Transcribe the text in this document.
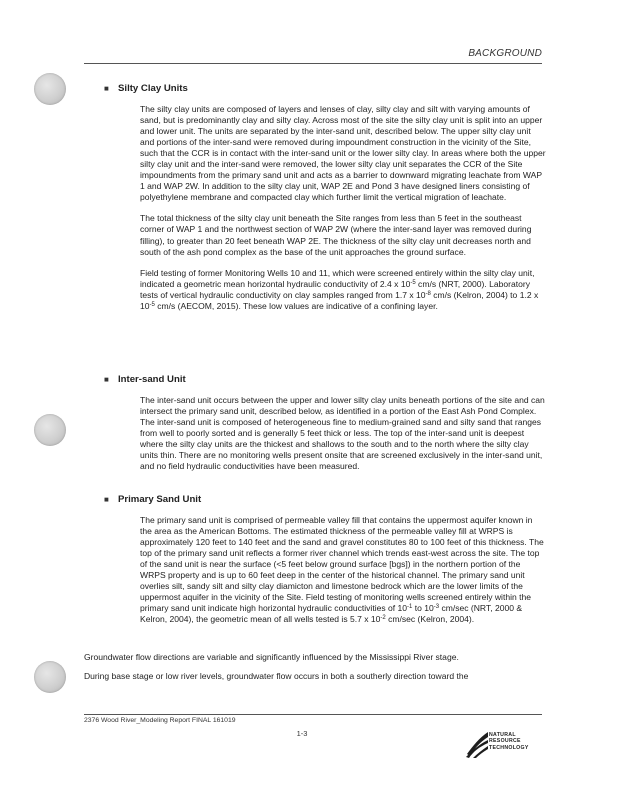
BACKGROUND
■ Silty Clay Units

The silty clay units are composed of layers and lenses of clay, silty clay and silt with varying amounts of sand, but is predominantly clay and silty clay. Across most of the site the silty clay unit is split into an upper and lower unit. The units are separated by the inter-sand unit, described below. The upper silty clay unit and portions of the inter-sand were removed during impoundment construction in the vicinity of the Site, such that the CCR is in contact with the inter-sand unit or the lower silty clay. In areas where both the upper silty clay unit and the inter-sand were removed, the lower silty clay unit separates the CCR of the Site impoundments from the primary sand unit and acts as a barrier to downward migrating leachate from WAP 1 and WAP 2W. In addition to the silty clay unit, WAP 2E and Pond 3 have designed liners consisting of polyethylene membrane and compacted clay which further limit the vertical migration of leachate.

The total thickness of the silty clay unit beneath the Site ranges from less than 5 feet in the southeast corner of WAP 1 and the northwest section of WAP 2W (where the inter-sand layer was removed during filling), to greater than 20 feet beneath WAP 2E. The thickness of the silty clay unit decreases north and south of the ash pond complex as the base of the unit approaches the ground surface.

Field testing of former Monitoring Wells 10 and 11, which were screened entirely within the silty clay unit, indicated a geometric mean horizontal hydraulic conductivity of 2.4 x $10^{-5}$ cm/s (NRT, 2000). Laboratory tests of vertical hydraulic conductivity on clay samples ranged from 1.7 x $10^{-8}$ cm/s (Kelron, 2004) to 1.2 x $10^{-5}$ cm/s (AECOM, 2015). These low values are indicative of a confining layer.

■ Inter-sand Unit

The inter-sand unit occurs between the upper and lower silty clay units beneath portions of the site and can intersect the primary sand unit, described below, as identified in a portion of the East Ash Pond Complex. The inter-sand unit is composed of heterogeneous fine to medium-grained sand and silty sand that ranges from well to poorly sorted and is generally 5 feet thick or less. The top of the inter-sand unit is deepest where the silty clay units are the thickest and shallows to the south and to the north where the silty clay units thin. There are no monitoring wells present onsite that are screened exclusively in the inter-sand unit, and no field hydraulic conductivities have been measured.

■ Primary Sand Unit

The primary sand unit is comprised of permeable valley fill that contains the uppermost aquifer known in the area as the American Bottoms. The estimated thickness of the permeable valley fill at WRPS is approximately 120 feet to 140 feet and the sand and gravel constitutes 80 to 100 feet of this thickness. The top of the primary sand unit reflects a former river channel which trends east-west across the site. The top of the sand unit is near the surface (<5 feet below ground surface [bgs]) in the northern portion of the WRPS property and is up to 60 feet deep in the center of the historical channel. The primary sand unit overlies silt, sandy silt and silty clay diamicton and limestone bedrock which are the lower limits of the uppermost aquifer in the vicinity of the Site. Field testing of monitoring wells screened entirely within the primary sand unit indicate high horizontal hydraulic conductivities of $10^{-1}$ to $10^{-3}$ cm/sec (NRT, 2000 & Kelron, 2004), the geometric mean of all wells tested is 5.7 x $10^{-2}$ cm/sec (Kelron, 2004).

Groundwater flow directions are variable and significantly influenced by the Mississippi River stage.

During base stage or low river levels, groundwater flow occurs in both a southerly direction toward the

2376 Wood River_Modeling Report FINAL 161019
1-3	NATURAL
RESOURCE
TECHNOLOGY
